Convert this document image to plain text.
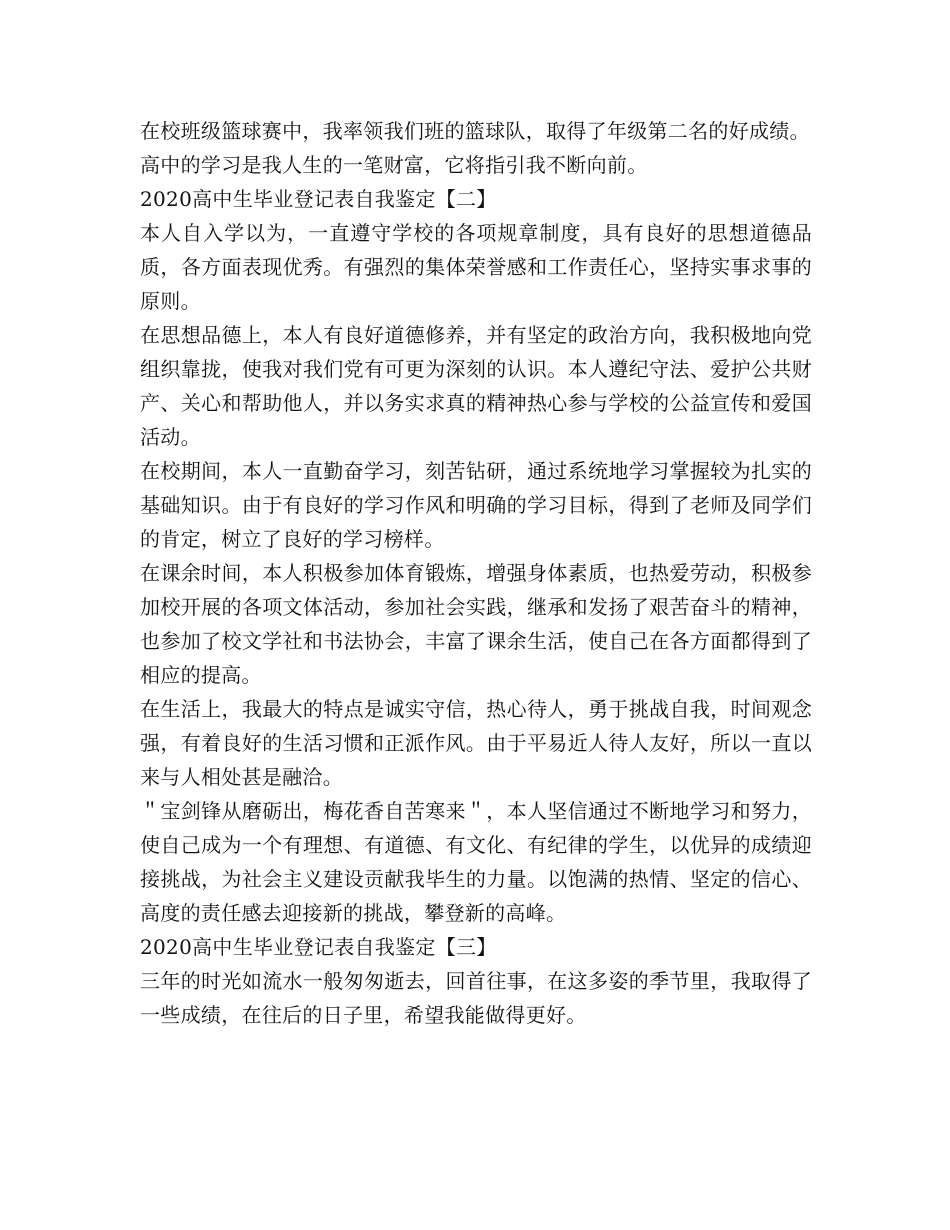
在校班级篮球赛中，我率领我们班的篮球队，取得了年级第二名的好成绩。

高中的学习是我人生的一笔财富，它将指引我不断向前。

2020高中生毕业登记表自我鉴定【二】

本人自入学以为，一直遵守学校的各项规章制度，具有良好的思想道德品质，各方面表现优秀。有强烈的集体荣誉感和工作责任心，坚持实事求事的原则。

在思想品德上，本人有良好道德修养，并有坚定的政治方向，我积极地向党组织靠拢，使我对我们党有可更为深刻的认识。本人遵纪守法、爱护公共财产、关心和帮助他人，并以务实求真的精神热心参与学校的公益宣传和爱国活动。

在校期间，本人一直勤奋学习，刻苦钻研，通过系统地学习掌握较为扎实的基础知识。由于有良好的学习作风和明确的学习目标，得到了老师及同学们的肯定，树立了良好的学习榜样。

在课余时间，本人积极参加体育锻炼，增强身体素质，也热爱劳动，积极参加校开展的各项文体活动，参加社会实践，继承和发扬了艰苦奋斗的精神，也参加了校文学社和书法协会，丰富了课余生活，使自己在各方面都得到了相应的提高。

在生活上，我最大的特点是诚实守信，热心待人，勇于挑战自我，时间观念强，有着良好的生活习惯和正派作风。由于平易近人待人友好，所以一直以来与人相处甚是融洽。

＂宝剑锋从磨砺出，梅花香自苦寒来＂，本人坚信通过不断地学习和努力，使自己成为一个有理想、有道德、有文化、有纪律的学生，以优异的成绩迎接挑战，为社会主义建设贡献我毕生的力量。以饱满的热情、坚定的信心、高度的责任感去迎接新的挑战，攀登新的高峰。

2020高中生毕业登记表自我鉴定【三】

三年的时光如流水一般匆匆逝去，回首往事，在这多姿的季节里，我取得了一些成绩，在往后的日子里，希望我能做得更好。
